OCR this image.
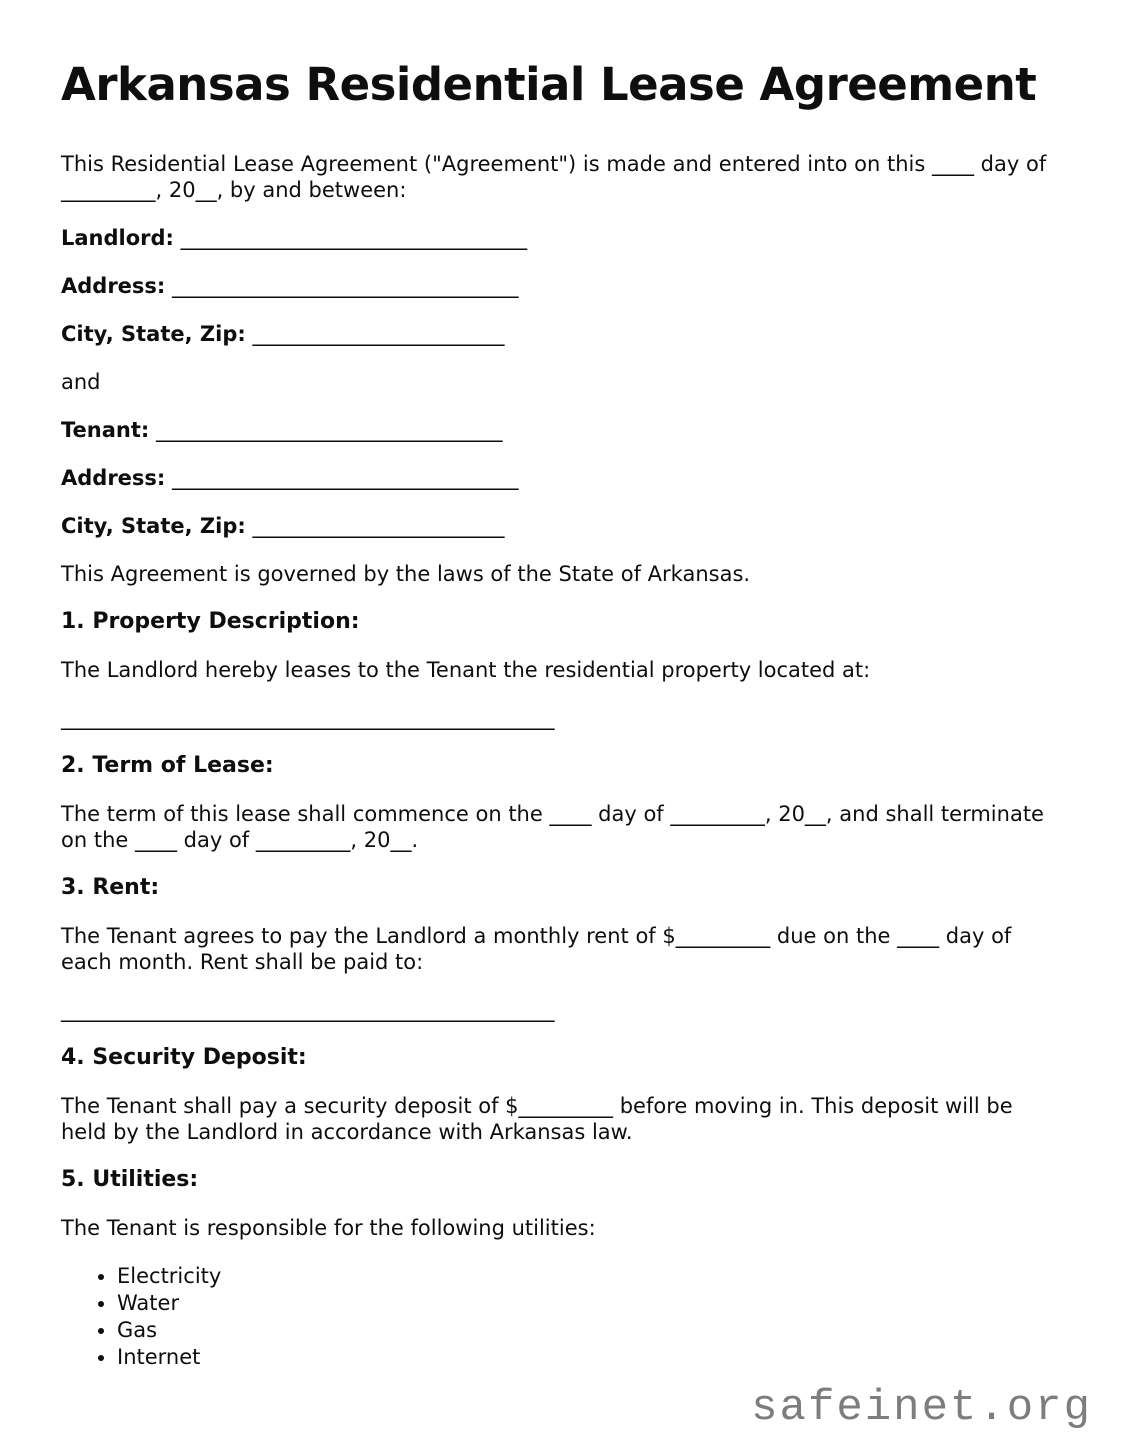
Arkansas Residential Lease Agreement

This Residential Lease Agreement ("Agreement") is made and entered into on this ____ day of _________, 20__, by and between:

Landlord: _________________________________

Address: _________________________________

City, State, Zip: ________________________

and

Tenant: _________________________________

Address: _________________________________

City, State, Zip: ________________________

This Agreement is governed by the laws of the State of Arkansas.

1. Property Description:

The Landlord hereby leases to the Tenant the residential property located at:

_______________________________________________

2. Term of Lease:

The term of this lease shall commence on the ____ day of _________, 20__, and shall terminate on the ____ day of _________, 20__.

3. Rent:

The Tenant agrees to pay the Landlord a monthly rent of $_________ due on the ____ day of each month. Rent shall be paid to:

_______________________________________________

4. Security Deposit:

The Tenant shall pay a security deposit of $_________ before moving in. This deposit will be held by the Landlord in accordance with Arkansas law.

5. Utilities:

The Tenant is responsible for the following utilities:

• Electricity
• Water
• Gas
• Internet
safeinet.org
